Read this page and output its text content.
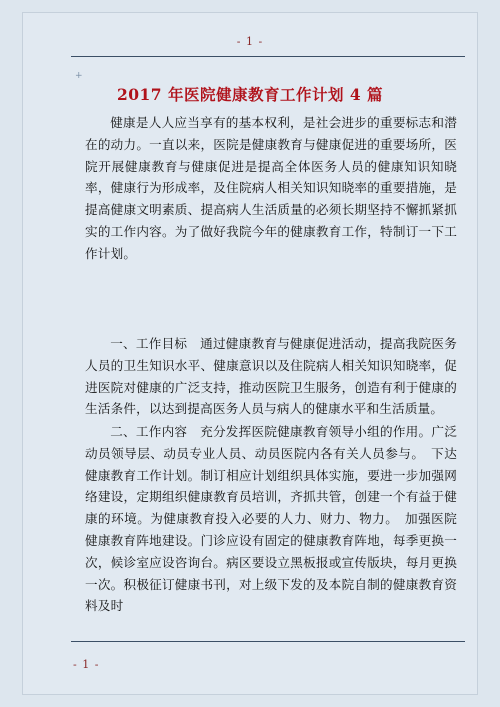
- 1 -
+
2017 年医院健康教育工作计划 4 篇

健康是人人应当享有的基本权利，是社会进步的重要标志和潜在的动力。一直以来，医院是健康教育与健康促进的重要场所，医院开展健康教育与健康促进是提高全体医务人员的健康知识知晓率，健康行为形成率，及住院病人相关知识知晓率的重要措施，是提高健康文明素质、提高病人生活质量的必须长期坚持不懈抓紧抓实的工作内容。为了做好我院今年的健康教育工作，特制订一下工作计划。

一、工作目标　通过健康教育与健康促进活动，提高我院医务人员的卫生知识水平、健康意识以及住院病人相关知识知晓率，促进医院对健康的广泛支持，推动医院卫生服务，创造有利于健康的生活条件，以达到提高医务人员与病人的健康水平和生活质量。

二、工作内容　充分发挥医院健康教育领导小组的作用。广泛动员领导层、动员专业人员、动员医院内各有关人员参与。　下达健康教育工作计划。制订相应计划组织具体实施，要进一步加强网络建设，定期组织健康教育员培训，齐抓共管，创建一个有益于健康的环境。为健康教育投入必要的人力、财力、物力。　加强医院健康教育阵地建设。门诊应设有固定的健康教育阵地，每季更换一次，候诊室应设咨询台。病区要设立黑板报或宣传版块，每月更换一次。积极征订健康书刊，对上级下发的及本院自制的健康教育资料及时

- 1 -
